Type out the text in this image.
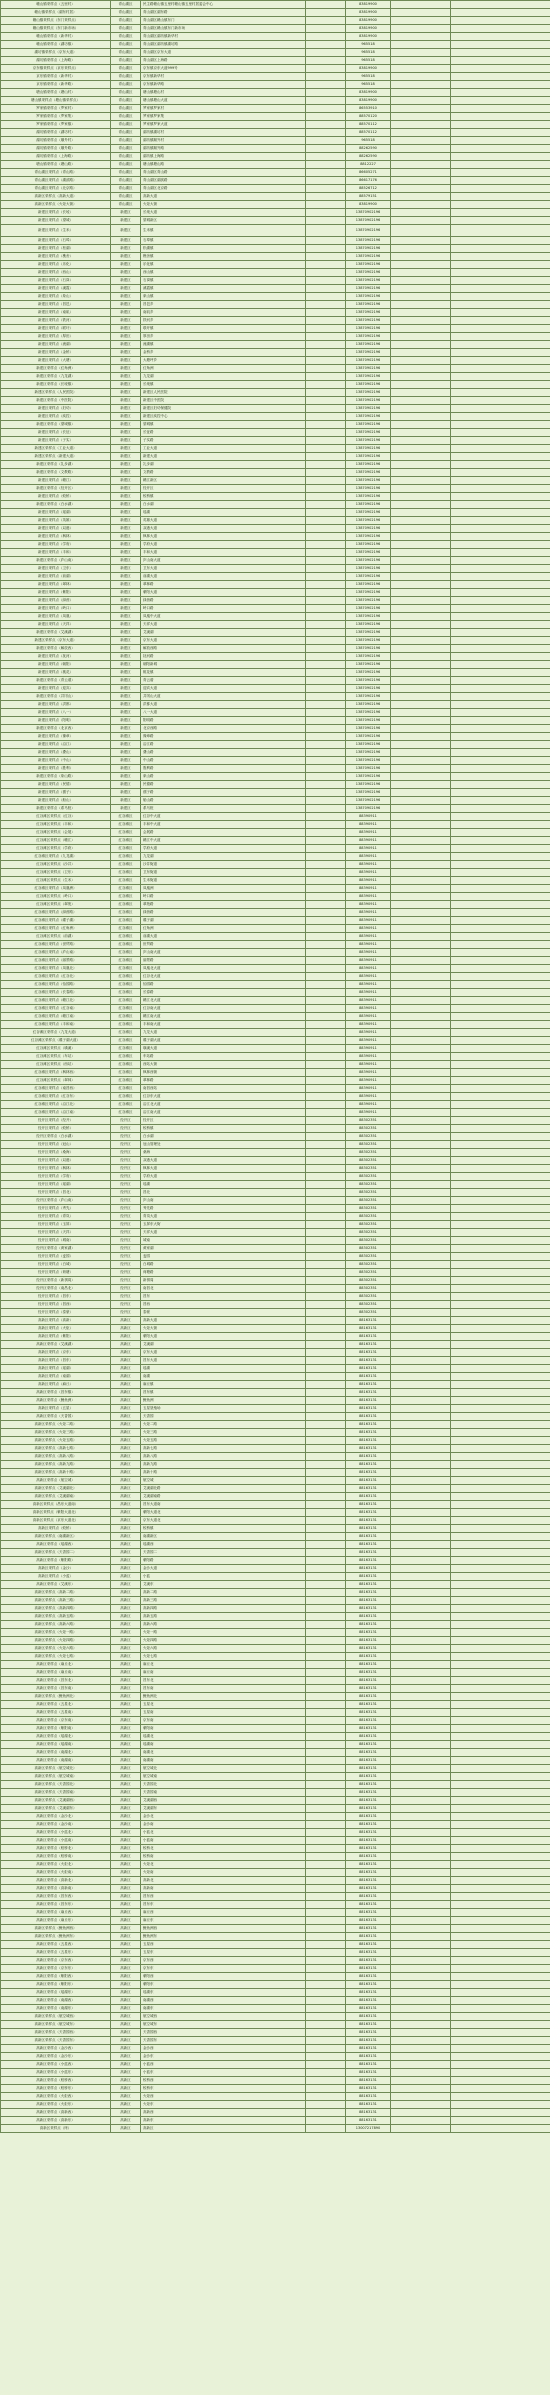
赣山镇采样点（五里村）	青山湖区	民主路赣山镇五里村赣山镇五里村居委会中心		83819900		
赣山镇采样点（湖东村居）	青山湖区	青山湖区湖东路		83819900		
赣山镇采样点（东门采样点）	青山湖区	青山湖区赣山镇东门		83819900		
赣山镇采样点（东门新市场）	青山湖区	青山湖区赣山镇东门新市场		83819900		
赣山镇采样点（新华村）	青山湖区	青山湖区湖坊镇新华村		83819900		
赣山镇采样点（湖坊镇）	青山湖区	青山湖区湖坊镇湖坊路		965518		
湖坊镇采样点（京东大道）	青山湖区	青山湖区京东大道		965518		
湖坊镇采样点（上海路）	青山湖区	青山湖区上海路		965518		
京东镇采样点（京东采样点）	青山湖区	京东镇京东大道999号		83819900		
京东镇采样点（新华村）	青山湖区	京东镇新华村		965518		
京东镇采样点（新华路）	青山湖区	京东镇新华路		965518		
塘山镇采样点（塘山村）	青山湖区	塘山镇塘山村		83819900		
塘山镇采样点（塘山镇采样点）	青山湖区	塘山镇塘山大道		83819900		
罗家镇采样点（罗家村）	青山湖区	罗家镇罗家村		86553910		
罗家镇采样点（罗家集）	青山湖区	罗家镇罗家集		88570120		
罗家镇采样点（罗家镇）	青山湖区	罗家镇罗家大道		88570112		
湖坊镇采样点（湖坊村）	青山湖区	湖坊镇湖坊村		88570112		
湖坊镇采样点（顺外村）	青山湖区	湖坊镇顺外村		965518		
湖坊镇采样点（顺外路）	青山湖区	湖坊镇顺外路		88262590		
湖坊镇采样点（上海路）	青山湖区	湖坊镇上海路		88262590		
塘山镇采样点（塘山路）	青山湖区	塘山镇塘山路		8812227		
青山湖区采样点（青山路）	青山湖区	青山湖区青山路		86605271		
青山湖区采样点（湖滨路）	青山湖区	青山湖区湖滨路		86617176		
青山湖区采样点（北京路）	青山湖区	青山湖区北京路		88526712		
高新区采样点（高新大道）	青山湖区	高新大道		88579151		
高新区采样点（火炬大街）	青山湖区	火炬大街		83819900		
新建区采样点（长堎）	新建区	长堎大道		13870902196		
新建区采样点（望城）	新建区	望城新区		13870902196		
新建区采样点（生米）	新建区	生米镇		13870902196		
新建区采样点（石埠）	新建区	石埠镇		13870902196		
新建区采样点（松湖）	新建区	松湖镇		13870902196		
新建区采样点（樵舍）	新建区	樵舍镇		13870902196		
新建区采样点（乐化）	新建区	乐化镇		13870902196		
新建区采样点（西山）	新建区	西山镇		13870902196		
新建区采样点（石岗）	新建区	石岗镇		13870902196		
新建区采样点（溪霞）	新建区	溪霞镇		13870902196		
新建区采样点（象山）	新建区	象山镇		13870902196		
新建区采样点（昌邑）	新建区	昌邑乡		13870902196		
新建区采样点（南矶）	新建区	南矶乡		13870902196		
新建区采样点（铁河）	新建区	铁河乡		13870902196		
新建区采样点（联圩）	新建区	联圩镇		13870902196		
新建区采样点（厚田）	新建区	厚田乡		13870902196		
新建区采样点（流湖）	新建区	流湖镇		13870902196		
新建区采样点（金桥）	新建区	金桥乡		13870902196		
新建区采样点（大塘）	新建区	大塘坪乡		13870902196		
新建区采样点（红角洲）	新建区	红角洲		13870902196		
新建区采样点（九龙湖）	新建区	九龙湖		13870902196		
新建区采样点（长堎镇）	新建区	长堎镇		13870902196		
新建区采样点（人民医院）	新建区	新建区人民医院		13870902196		
新建区采样点（中医院）	新建区	新建区中医院		13870902196		
新建区采样点（妇幼）	新建区	新建区妇幼保健院		13870902196		
新建区采样点（疾控）	新建区	新建区疾控中心		13870902196		
新建区采样点（望城镇）	新建区	望城镇		13870902196		
新建区采样点（长征）	新建区	长征路		13870902196		
新建区采样点（子实）	新建区	子实路		13870902196		
新建区采样点（工业大道）	新建区	工业大道		13870902196		
新建区采样点（新建大道）	新建区	新建大道		13870902196		
新建区采样点（礼步湖）	新建区	礼步湖		13870902196		
新建区采样点（文教路）	新建区	文教路		13870902196		
新建区采样点（赣江）	新建区	赣江新区		13870902196		
新建区采样点（经开区）	新建区	经开区		13870902196		
新建区采样点（蛟桥）	新建区	蛟桥镇		13870902196		
新建区采样点（白水湖）	新建区	白水湖		13870902196		
新建区采样点（瑶湖）	新建区	瑶湖		13870902196		
新建区采样点（英雄）	新建区	英雄大道		13870902196		
新建区采样点（双港）	新建区	双港大道		13870902196		
新建区采样点（枫林）	新建区	枫林大道		13870902196		
新建区采样点（学府）	新建区	学府大道		13870902196		
新建区采样点（丰和）	新建区	丰和大道		13870902196		
新建区采样点（庐山南）	新建区	庐山南大道		13870902196		
新建区采样点（卫东）	新建区	卫东大道		13870902196		
新建区采样点（前湖）	新建区	前湖大道		13870902196		
新建区采样点（翠林）	新建区	翠林路		13870902196		
新建区采样点（紫阳）	新建区	紫阳大道		13870902196		
新建区采样点（绿茵）	新建区	绿茵路		13870902196		
新建区采样点（岭口）	新建区	岭口路		13870902196		
新建区采样点（凤凰）	新建区	凤凰中大道		13870902196		
新建区采样点（天祥）	新建区	天祥大道		13870902196		
新建区采样点（艾溪湖）	新建区	艾溪湖		13870902196		
新建区采样点（京东大道）	新建区	京东大道		13870902196		
新建区采样点（解放西）	新建区	解放西路		13870902196		
新建区采样点（抚河）	新建区	抚河路		13870902196		
新建区采样点（朝阳）	新建区	朝阳新城		13870902196		
新建区采样点（桃花）	新建区	桃花镇		13870902196		
新建区采样点（青云谱）	新建区	青云谱		13870902196		
新建区采样点（迎宾）	新建区	迎宾大道		13870902196		
新建区采样点（井冈山）	新建区	井冈山大道		13870902196		
新建区采样点（洪都）	新建区	洪都大道		13870902196		
新建区采样点（八一）	新建区	八一大道		13870902196		
新建区采样点（阳明）	新建区	阳明路		13870902196		
新建区采样点（北京西）	新建区	北京西路		13870902196		
新建区采样点（豫章）	新建区	豫章路		13870902196		
新建区采样点（沿江）	新建区	沿江路		13870902196		
新建区采样点（叠山）	新建区	叠山路		13870902196		
新建区采样点（中山）	新建区	中山路		13870902196		
新建区采样点（胜利）	新建区	胜利路		13870902196		
新建区采样点（象山路）	新建区	象山路		13870902196		
新建区采样点（民德）	新建区	民德路		13870902196		
新建区采样点（孺子）	新建区	孺子路		13870902196		
新建区采样点（船山）	新建区	船山路		13870902196		
新建区采样点（系马桩）	新建区	系马桩		13870902196		
红谷滩区采样点（红谷）	红谷滩区	红谷中大道		88390911		
红谷滩区采样点（丰和）	红谷滩区	丰和中大道		88390911		
红谷滩区采样点（会展）	红谷滩区	会展路		88390911		
红谷滩区采样点（赣江）	红谷滩区	赣江中大道		88390911		
红谷滩区采样点（学府）	红谷滩区	学府大道		88390911		
红谷滩区采样点（九龙湖）	红谷滩区	九龙湖		88390911		
红谷滩区采样点（沙井）	红谷滩区	沙井街道		88390911		
红谷滩区采样点（卫东）	红谷滩区	卫东街道		88390911		
红谷滩区采样点（生米）	红谷滩区	生米街道		88390911		
红谷滩区采样点（凤凰洲）	红谷滩区	凤凰洲		88390911		
红谷滩区采样点（岭口）	红谷滩区	岭口路		88390911		
红谷滩区采样点（翠苑）	红谷滩区	翠苑路		88390911		
红谷滩区采样点（绿茵路）	红谷滩区	绿茵路		88390911		
红谷滩区采样点（碟子湖）	红谷滩区	碟子湖		88390911		
红谷滩区采样点（红角洲）	红谷滩区	红角洲		88390911		
红谷滩区采样点（前湖）	红谷滩区	前湖大道		88390911		
红谷滩区采样点（世贸路）	红谷滩区	世贸路		88390911		
红谷滩区采样点（庐山南）	红谷滩区	庐山南大道		88390911		
红谷滩区采样点（丽景路）	红谷滩区	丽景路		88390911		
红谷滩区采样点（凤凰北）	红谷滩区	凤凰北大道		88390911		
红谷滩区采样点（红谷北）	红谷滩区	红谷北大道		88390911		
红谷滩区采样点（怡园路）	红谷滩区	怡园路		88390911		
红谷滩区采样点（长春路）	红谷滩区	长春路		88390911		
红谷滩区采样点（赣江北）	红谷滩区	赣江北大道		88390911		
红谷滩区采样点（红谷南）	红谷滩区	红谷南大道		88390911		
红谷滩区采样点（赣江南）	红谷滩区	赣江南大道		88390911		
红谷滩区采样点（丰和南）	红谷滩区	丰和南大道		88390911		
红谷滩区采样点（九龙大道）	红谷滩区	九龙大道		88390911		
红谷滩区采样点（碟子湖大道）	红谷滩区	碟子湖大道		88390911		
红谷滩区采样点（璜溪）	红谷滩区	璜溪大道		88390911		
红谷滩区采样点（车站）	红谷滩区	车站路		88390911		
红谷滩区采样点（西站）	红谷滩区	西站大街		88390911		
红谷滩区采样点（枫林西）	红谷滩区	枫林西街		88390911		
红谷滩区采样点（翠林）	红谷滩区	翠林路		88390911		
红谷滩区采样点（南昌西）	红谷滩区	南昌西站		88390911		
红谷滩区采样点（红谷东）	红谷滩区	红谷东大道		88390911		
红谷滩区采样点（沿江北）	红谷滩区	沿江北大道		88390911		
红谷滩区采样点（沿江南）	红谷滩区	沿江南大道		88390911		
经开区采样点（经开）	经开区	经开区		88302351		
经开区采样点（蛟桥）	经开区	蛟桥镇		88302351		
经开区采样点（白水湖）	经开区	白水湖		88302351		
经开区采样点（冠山）	经开区	冠山管理处		88302351		
经开区采样点（桑海）	经开区	桑海		88302351		
经开区采样点（双港）	经开区	双港大道		88302351		
经开区采样点（枫林）	经开区	枫林大道		88302351		
经开区采样点（学府）	经开区	学府大道		88302351		
经开区采样点（瑶湖）	经开区	瑶湖		88302351		
经开区采样点（昌北）	经开区	昌北		88302351		
经开区采样点（庐山南）	经开区	庐山南		88302351		
经开区采样点（秀先）	经开区	秀先路		88302351		
经开区采样点（青岚）	经开区	青岚大道		88302351		
经开区采样点（玉屏）	经开区	玉屏东大街		88302351		
经开区采样点（天祥）	经开区	天祥大道		88302351		
经开区采样点（城南）	经开区	城南		88302351		
经开区采样点（黄家湖）	经开区	黄家湖		88302351		
经开区采样点（麦园）	经开区	麦园		88302351		
经开区采样点（白城）	经开区	白城路		88302351		
经开区采样点（荷塘）	经开区	荷塘路		88302351		
经开区采样点（新祺周）	经开区	新祺周		88302351		
经开区采样点（南昌北）	经开区	南昌北		88302351		
经开区采样点（昌东）	经开区	昌东		88302351		
经开区采样点（昌西）	经开区	昌西		88302351		
经开区采样点（泰豪）	经开区	泰豪		88302351		
高新区采样点（高新）	高新区	高新大道		88163131		
高新区采样点（火炬）	高新区	火炬大街		88163131		
高新区采样点（紫阳）	高新区	紫阳大道		88163131		
高新区采样点（艾溪湖）	高新区	艾溪湖		88163131		
高新区采样点（京东）	高新区	京东大道		88163131		
高新区采样点（昌东）	高新区	昌东大道		88163131		
高新区采样点（瑶湖）	高新区	瑶湖		88163131		
高新区采样点（南湖）	高新区	南湖		88163131		
高新区采样点（麻丘）	高新区	麻丘镇		88163131		
高新区采样点（昌东镇）	高新区	昌东镇		88163131		
高新区采样点（鲤鱼洲）	高新区	鲤鱼洲		88163131		
高新区采样点（五星）	高新区	五星垦殖场		88163131		
高新区采样点（天香园）	高新区	天香园		88163131		
高新区采样点（火炬二路）	高新区	火炬二路		88163131		
高新区采样点（火炬三路）	高新区	火炬三路		88163131		
高新区采样点（火炬五路）	高新区	火炬五路		88163131		
高新区采样点（高新七路）	高新区	高新七路		88163131		
高新区采样点（高新八路）	高新区	高新八路		88163131		
高新区采样点（高新九路）	高新区	高新九路		88163131		
高新区采样点（高新十路）	高新区	高新十路		88163131		
高新区采样点（航空城）	高新区	航空城		88163131		
高新区采样点（艾溪湖北）	高新区	艾溪湖北路		88163131		
高新区采样点（艾溪湖南）	高新区	艾溪湖南路		88163131		
高新区采样点（昌东大道南）	高新区	昌东大道南		88163131		
高新区采样点（紫阳大道北）	高新区	紫阳大道北		88163131		
高新区采样点（京东大道北）	高新区	京东大道北		88163131		
高新区采样点（蛟桥）	高新区	蛟桥镇		88163131		
高新区采样点（南湖新区）	高新区	南湖新区		88163131		
高新区采样点（瑶湖西）	高新区	瑶湖西		88163131		
高新区采样点（天香园二）	高新区	天香园二		88163131		
高新区采样点（紫阳路）	高新区	紫阳路		88163131		
高新区采样点（金沙）	高新区	金沙大道		88163131		
高新区采样点（小蓝）	高新区	小蓝		88163131		
高新区采样点（艾溪东）	高新区	艾溪东		88163131		
高新区采样点（高新二路）	高新区	高新二路		88163131		
高新区采样点（高新三路）	高新区	高新三路		88163131		
高新区采样点（高新四路）	高新区	高新四路		88163131		
高新区采样点（高新五路）	高新区	高新五路		88163131		
高新区采样点（高新六路）	高新区	高新六路		88163131		
高新区采样点（火炬一路）	高新区	火炬一路		88163131		
高新区采样点（火炬四路）	高新区	火炬四路		88163131		
高新区采样点（火炬六路）	高新区	火炬六路		88163131		
高新区采样点（火炬七路）	高新区	火炬七路		88163131		
高新区采样点（麻丘北）	高新区	麻丘北		88163131		
高新区采样点（麻丘南）	高新区	麻丘南		88163131		
高新区采样点（昌东北）	高新区	昌东北		88163131		
高新区采样点（昌东南）	高新区	昌东南		88163131		
高新区采样点（鲤鱼洲北）	高新区	鲤鱼洲北		88163131		
高新区采样点（五星北）	高新区	五星北		88163131		
高新区采样点（五星南）	高新区	五星南		88163131		
高新区采样点（京东南）	高新区	京东南		88163131		
高新区采样点（紫阳南）	高新区	紫阳南		88163131		
高新区采样点（瑶湖北）	高新区	瑶湖北		88163131		
高新区采样点（瑶湖南）	高新区	瑶湖南		88163131		
高新区采样点（南湖北）	高新区	南湖北		88163131		
高新区采样点（南湖南）	高新区	南湖南		88163131		
高新区采样点（航空城北）	高新区	航空城北		88163131		
高新区采样点（航空城南）	高新区	航空城南		88163131		
高新区采样点（天香园北）	高新区	天香园北		88163131		
高新区采样点（天香园南）	高新区	天香园南		88163131		
高新区采样点（艾溪湖西）	高新区	艾溪湖西		88163131		
高新区采样点（艾溪湖东）	高新区	艾溪湖东		88163131		
高新区采样点（金沙北）	高新区	金沙北		88163131		
高新区采样点（金沙南）	高新区	金沙南		88163131		
高新区采样点（小蓝北）	高新区	小蓝北		88163131		
高新区采样点（小蓝南）	高新区	小蓝南		88163131		
高新区采样点（蛟桥北）	高新区	蛟桥北		88163131		
高新区采样点（蛟桥南）	高新区	蛟桥南		88163131		
高新区采样点（火炬北）	高新区	火炬北		88163131		
高新区采样点（火炬南）	高新区	火炬南		88163131		
高新区采样点（高新北）	高新区	高新北		88163131		
高新区采样点（高新南）	高新区	高新南		88163131		
高新区采样点（昌东西）	高新区	昌东西		88163131		
高新区采样点（昌东东）	高新区	昌东东		88163131		
高新区采样点（麻丘西）	高新区	麻丘西		88163131		
高新区采样点（麻丘东）	高新区	麻丘东		88163131		
高新区采样点（鲤鱼洲西）	高新区	鲤鱼洲西		88163131		
高新区采样点（鲤鱼洲东）	高新区	鲤鱼洲东		88163131		
高新区采样点（五星西）	高新区	五星西		88163131		
高新区采样点（五星东）	高新区	五星东		88163131		
高新区采样点（京东西）	高新区	京东西		88163131		
高新区采样点（京东东）	高新区	京东东		88163131		
高新区采样点（紫阳西）	高新区	紫阳西		88163131		
高新区采样点（紫阳东）	高新区	紫阳东		88163131		
高新区采样点（瑶湖东）	高新区	瑶湖东		88163131		
高新区采样点（南湖西）	高新区	南湖西		88163131		
高新区采样点（南湖东）	高新区	南湖东		88163131		
高新区采样点（航空城西）	高新区	航空城西		88163131		
高新区采样点（航空城东）	高新区	航空城东		88163131		
高新区采样点（天香园西）	高新区	天香园西		88163131		
高新区采样点（天香园东）	高新区	天香园东		88163131		
高新区采样点（金沙西）	高新区	金沙西		88163131		
高新区采样点（金沙东）	高新区	金沙东		88163131		
高新区采样点（小蓝西）	高新区	小蓝西		88163131		
高新区采样点（小蓝东）	高新区	小蓝东		88163131		
高新区采样点（蛟桥西）	高新区	蛟桥西		88163131		
高新区采样点（蛟桥东）	高新区	蛟桥东		88163131		
高新区采样点（火炬西）	高新区	火炬西		88163131		
高新区采样点（火炬东）	高新区	火炬东		88163131		
高新区采样点（高新西）	高新区	高新西		88163131		
高新区采样点（高新东）	高新区	高新东		88163131		
高新区采样点（终）	高新区	高新区		13007217890		
